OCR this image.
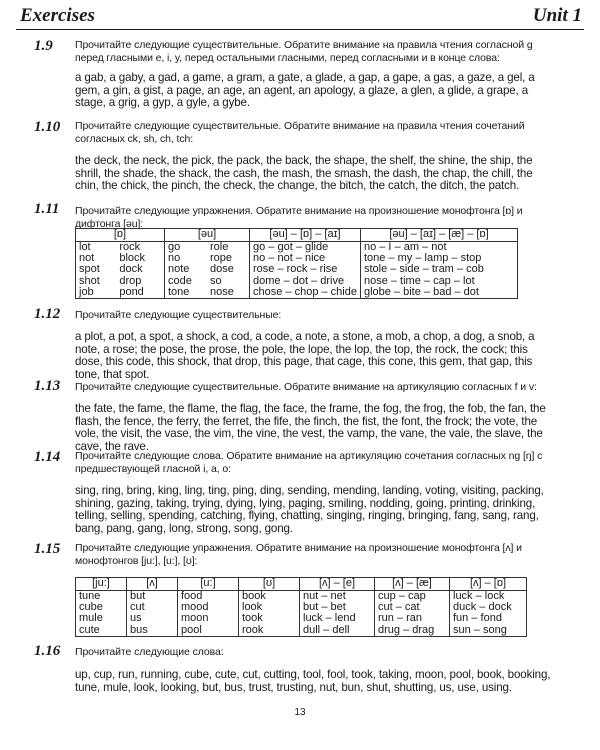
Exercises	Unit 1
1.9 Прочитайте следующие существительные. Обратите внимание на правила чтения согласной g перед гласными e, i, y, перед остальными гласными, перед согласными и в конце слова:
a gab, a gaby, a gad, a game, a gram, a gate, a glade, a gap, a gape, a gas, a gaze, a gel, a gem, a gin, a gist, a page, an age, an agent, an apology, a glaze, a glen, a glide, a grape, a stage, a grig, a gyp, a gyle, a gybe.
1.10 Прочитайте следующие существительные. Обратите внимание на правила чтения сочетаний согласных ck, sh, ch, tch:
the deck, the neck, the pick, the pack, the back, the shape, the shelf, the shine, the ship, the shrill, the shade, the shack, the cash, the mash, the smash, the dash, the chap, the chill, the chin, the chick, the pinch, the check, the change, the bitch, the catch, the ditch, the patch.
1.11 Прочитайте следующие упражнения. Обратите внимание на произношение монофтонга [ɒ] и дифтонга [əu]:
[ɒ]		[əu]		[əu] – [ɒ] – [aɪ]	[əu] – [aɪ] – [æ] – [ɒ]
lot	rock	go	role	go – got – glide	no – I – am – not
not	block	no	rope	no – not – nice	tone – my – lamp – stop
spot	dock	note	dose	rose – rock – rise	stole – side – tram – cob
shot	drop	code	so	dome – dot – drive	nose – time – cap – lot
job	pond	tone	nose	chose – chop – chide	globe – bite – bad – dot
1.12 Прочитайте следующие существительные:
a plot, a pot, a spot, a shock, a cod, a code, a note, a stone, a mob, a chop, a dog, a snob, a note, a rose; the pose, the prose, the pole, the lope, the lop, the top, the rock, the cock; this dose, this code, this shock, that drop, this page, that cage, this cone, this gem, that gap, this tone, that spot.
1.13 Прочитайте следующие существительные. Обратите внимание на артикуляцию согласных f и v:
the fate, the fame, the flame, the flag, the face, the frame, the fog, the frog, the fob, the fan, the flash, the fence, the ferry, the ferret, the fife, the finch, the fist, the font, the frock; the vote, the vole, the visit, the vase, the vim, the vine, the vest, the vamp, the vane, the vale, the slave, the cave, the rave.
1.14 Прочитайте следующие слова. Обратите внимание на артикуляцию сочетания согласных ng [ŋ] с предшествующей гласной i, a, o:
sing, ring, bring, king, ling, ting, ping, ding, sending, mending, landing, voting, visiting, packing, shining, gazing, taking, trying, dying, lying, paging, smiling, nodding, going, printing, drinking, telling, selling, spending, catching, flying, chatting, singing, ringing, bringing, fang, sang, rang, bang, pang, gang, long, strong, song, gong.
1.15 Прочитайте следующие упражнения. Обратите внимание на произношение монофтонга [ʌ] и монофтонгов [ju:], [u:], [ʊ]:
[ju:]	[ʌ]	[u:]	[ʊ]	[ʌ] – [e]	[ʌ] – [æ]	[ʌ] – [ɒ]
tune	but	food	book	nut – net	cup – cap	luck – lock
cube	cut	mood	look	but – bet	cut – cat	duck – dock
mule	us	moon	took	luck – lend	run – ran	fun – fond
cute	bus	pool	rook	dull – dell	drug – drag	sun – song
1.16 Прочитайте следующие слова:
up, cup, run, running, cube, cute, cut, cutting, tool, fool, took, taking, moon, pool, book, booking, tune, mule, look, looking, but, bus, trust, trusting, nut, bun, shut, shutting, us, use, using.
13
